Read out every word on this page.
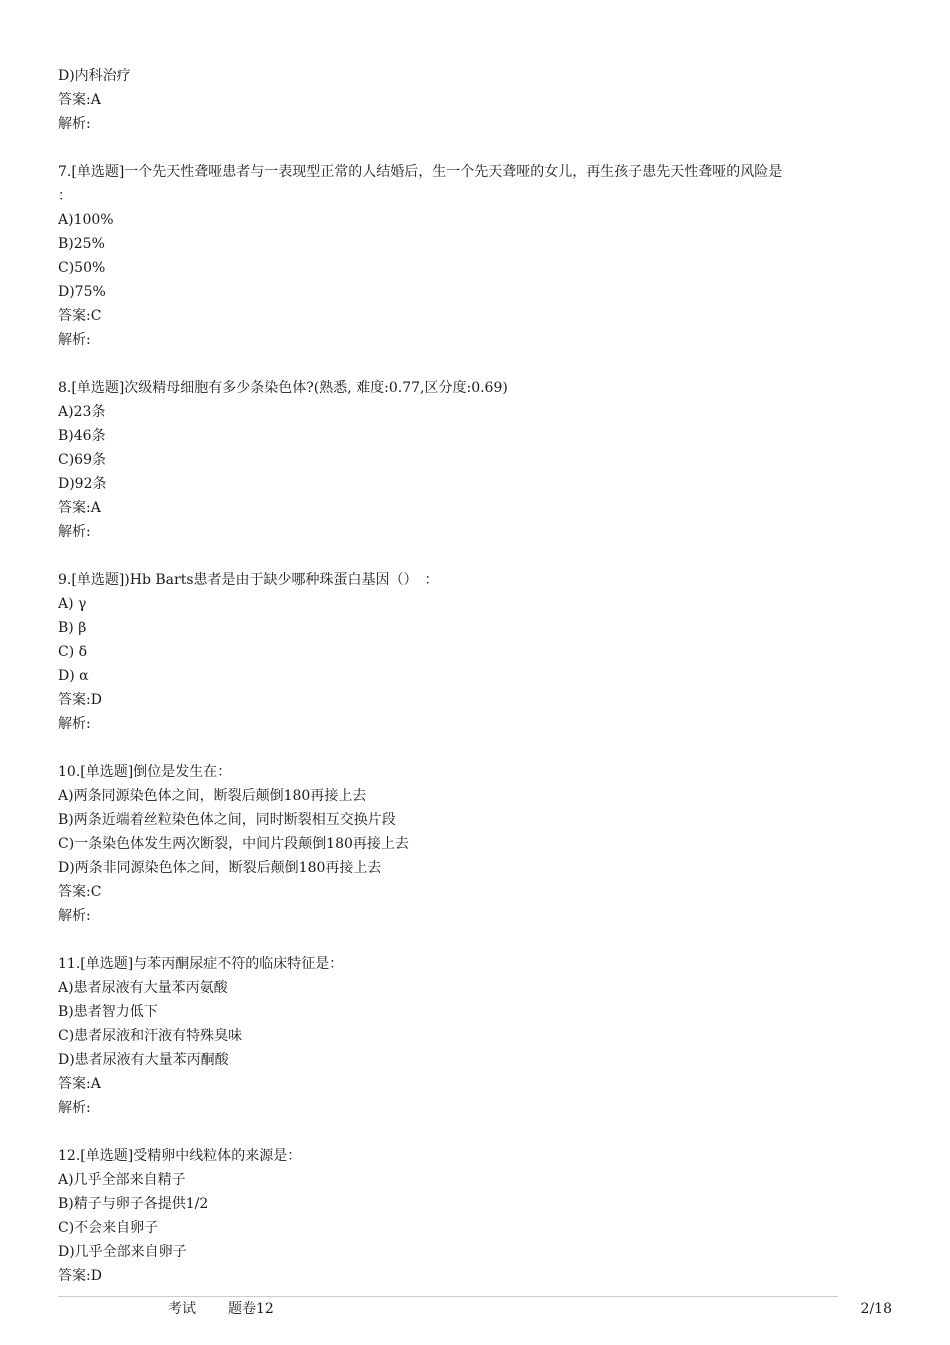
D)内科治疗
答案:A
解析:
7.[单选题]一个先天性聋哑患者与一表现型正常的人结婚后，生一个先天聋哑的女儿，再生孩子患先天性聋哑的风险是
：
A)100%
B)25%
C)50%
D)75%
答案:C
解析:
8.[单选题]次级精母细胞有多少条染色体?(熟悉, 难度:0.77,区分度:0.69)
A)23条
B)46条
C)69条
D)92条
答案:A
解析:
9.[单选题])Hb Barts患者是由于缺少哪种珠蛋白基因（）　：
A) γ
B) β
C) δ
D) α
答案:D
解析:
10.[单选题]倒位是发生在：
A)两条同源染色体之间，断裂后颠倒180再接上去
B)两条近端着丝粒染色体之间，同时断裂相互交换片段
C)一条染色体发生两次断裂，中间片段颠倒180再接上去
D)两条非同源染色体之间，断裂后颠倒180再接上去
答案:C
解析:
11.[单选题]与苯丙酮尿症不符的临床特征是：
A)患者尿液有大量苯丙氨酸
B)患者智力低下
C)患者尿液和汗液有特殊臭味
D)患者尿液有大量苯丙酮酸
答案:A
解析:
12.[单选题]受精卵中线粒体的来源是：
A)几乎全部来自精子
B)精子与卵子各提供1/2
C)不会来自卵子
D)几乎全部来自卵子
答案:D
考试 题卷12	2/18
